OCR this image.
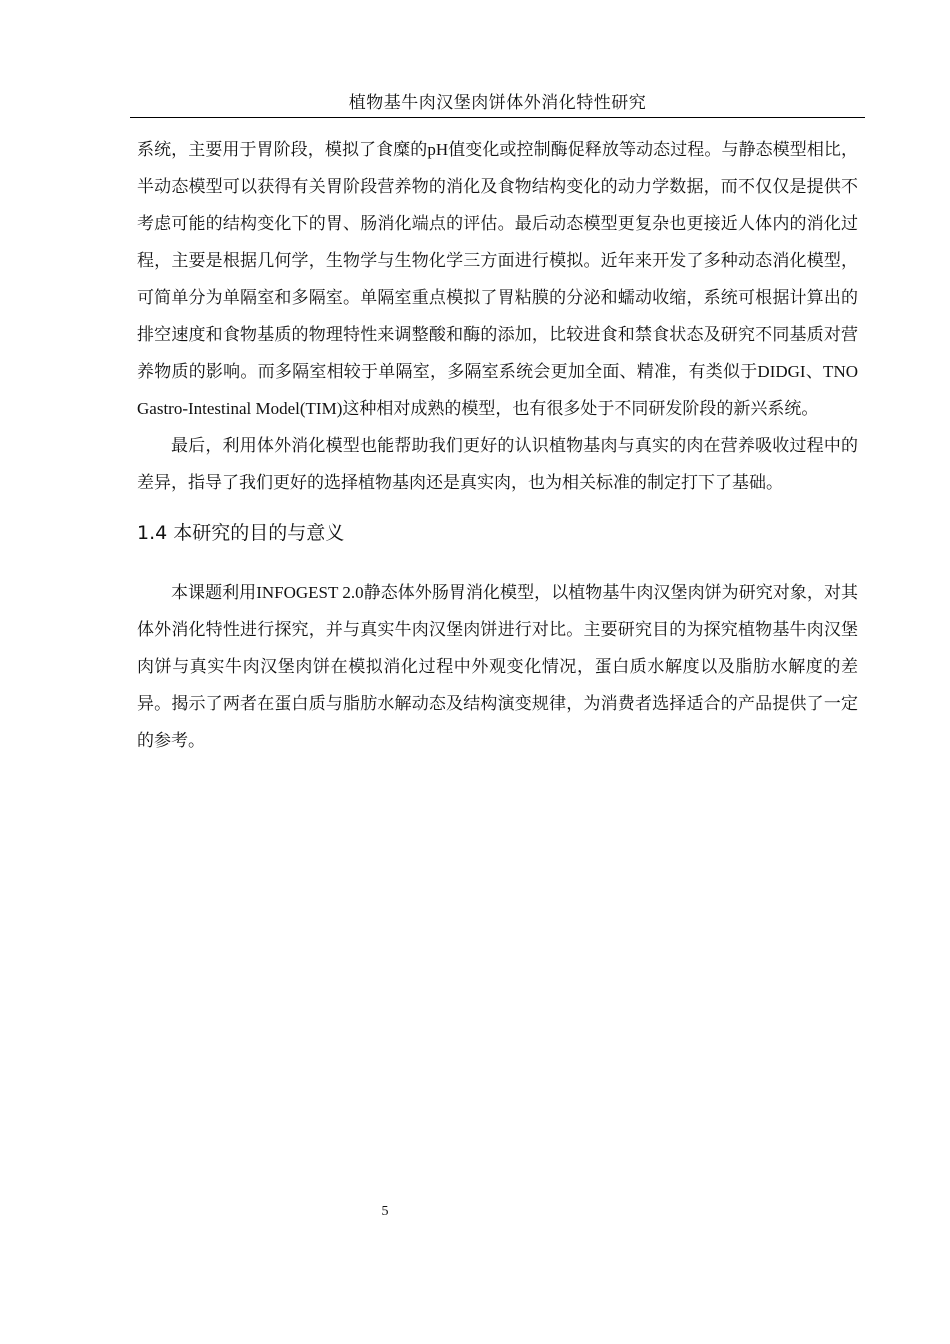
植物基牛肉汉堡肉饼体外消化特性研究

系统，主要用于胃阶段，模拟了食糜的pH值变化或控制酶促释放等动态过程。与静态模型相比，半动态模型可以获得有关胃阶段营养物的消化及食物结构变化的动力学数据，而不仅仅是提供不考虑可能的结构变化下的胃、肠消化端点的评估。最后动态模型更复杂也更接近人体内的消化过程，主要是根据几何学，生物学与生物化学三方面进行模拟。近年来开发了多种动态消化模型，可简单分为单隔室和多隔室。单隔室重点模拟了胃粘膜的分泌和蠕动收缩，系统可根据计算出的排空速度和食物基质的物理特性来调整酸和酶的添加，比较进食和禁食状态及研究不同基质对营养物质的影响。而多隔室相较于单隔室，多隔室系统会更加全面、精准，有类似于DIDGI、TNO Gastro-Intestinal Model(TIM)这种相对成熟的模型，也有很多处于不同研发阶段的新兴系统。

最后，利用体外消化模型也能帮助我们更好的认识植物基肉与真实的肉在营养吸收过程中的差异，指导了我们更好的选择植物基肉还是真实肉，也为相关标准的制定打下了基础。

1.4 本研究的目的与意义

本课题利用INFOGEST 2.0静态体外肠胃消化模型，以植物基牛肉汉堡肉饼为研究对象，对其体外消化特性进行探究，并与真实牛肉汉堡肉饼进行对比。主要研究目的为探究植物基牛肉汉堡肉饼与真实牛肉汉堡肉饼在模拟消化过程中外观变化情况，蛋白质水解度以及脂肪水解度的差异。揭示了两者在蛋白质与脂肪水解动态及结构演变规律，为消费者选择适合的产品提供了一定的参考。

5
